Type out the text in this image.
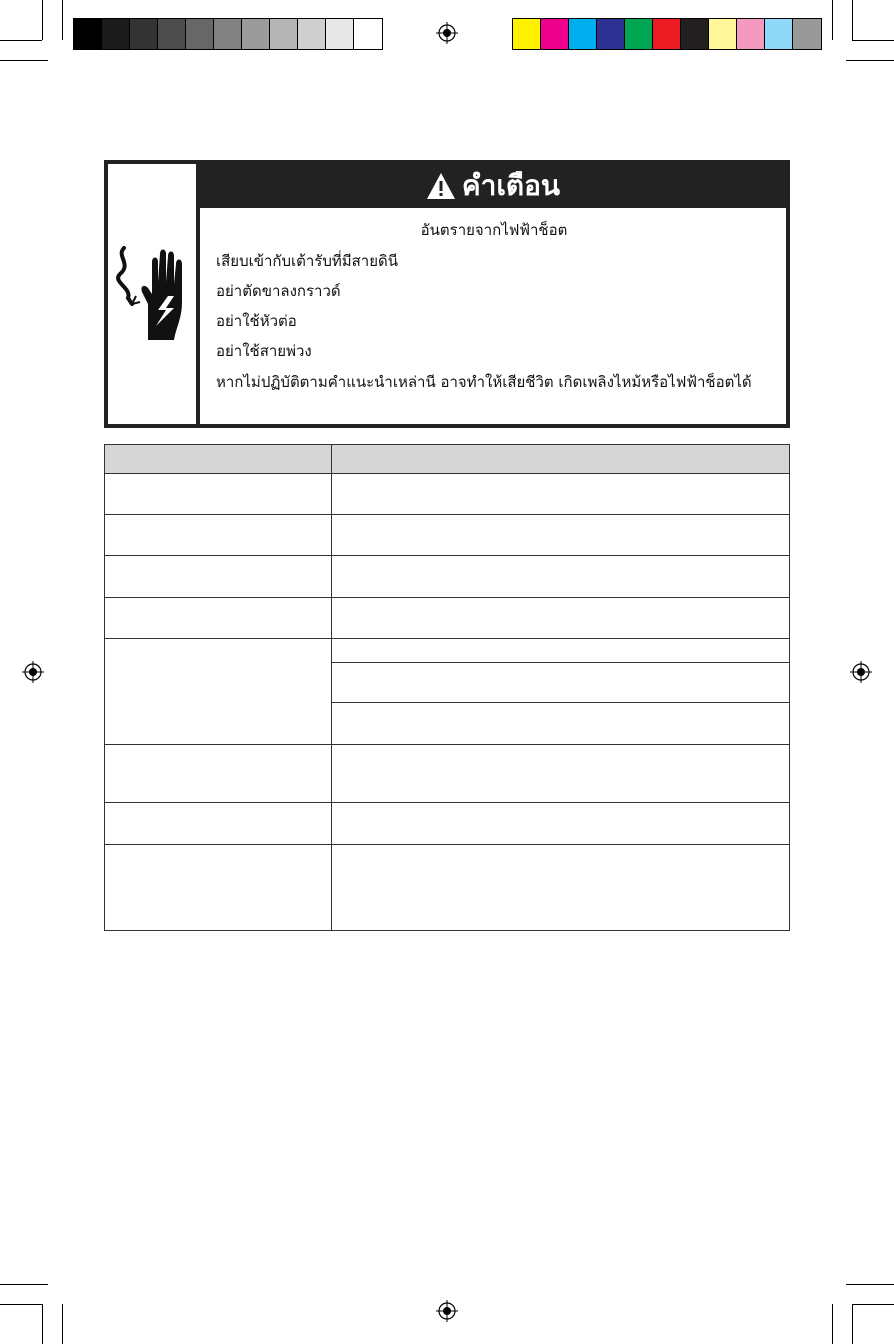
คำเตือน
อันตรายจากไฟฟ้าช็อต

เสียบเข้ากับเต้ารับที่มีสายดินี

อย่าตัดขาลงกราวด์

อย่าใช้หัวต่อ

อย่าใช้สายพ่วง

หากไม่ปฏิบัติตามคำแนะนำเหล่านี อาจทำให้เสียชีวิต เกิดเพลิงไหม้หรือไฟฟ้าช็อตได้
